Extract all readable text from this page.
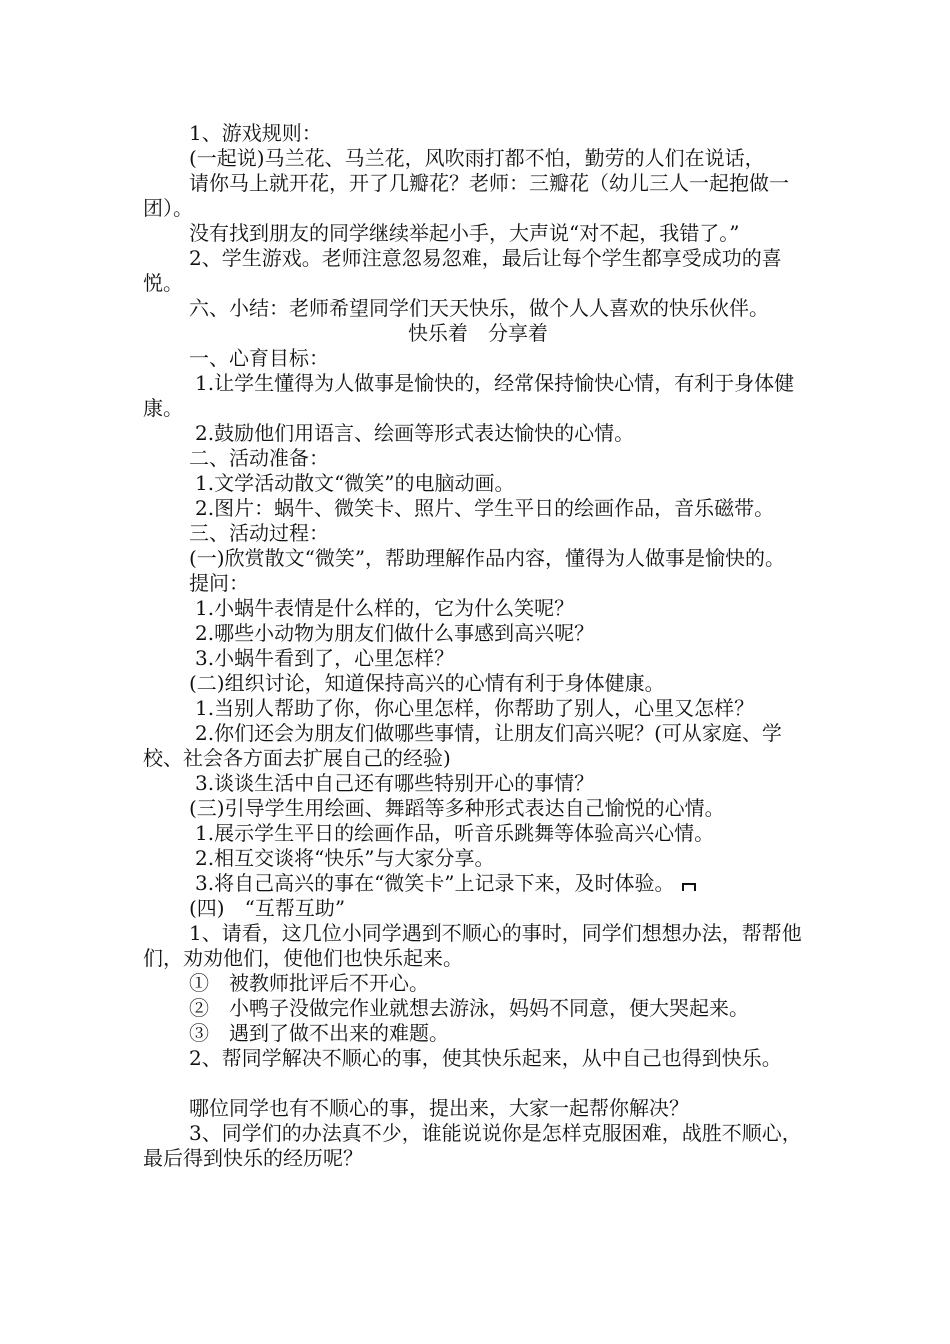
1、游戏规则：

(一起说)马兰花、马兰花，风吹雨打都不怕，勤劳的人们在说话，

请你马上就开花，开了几瓣花？老师：三瓣花（幼儿三人一起抱做一团）。

没有找到朋友的同学继续举起小手，大声说“对不起，我错了。”

2、学生游戏。老师注意忽易忽难，最后让每个学生都享受成功的喜悦。

六、小结：老师希望同学们天天快乐，做个人人喜欢的快乐伙伴。

快乐着　分享着

一、心育目标：

1.让学生懂得为人做事是愉快的，经常保持愉快心情，有利于身体健康。

2.鼓励他们用语言、绘画等形式表达愉快的心情。

二、活动准备：

1.文学活动散文“微笑”的电脑动画。

2.图片：蜗牛、微笑卡、照片、学生平日的绘画作品，音乐磁带。

三、活动过程：

(一)欣赏散文“微笑”，帮助理解作品内容，懂得为人做事是愉快的。

提问：

1.小蜗牛表情是什么样的，它为什么笑呢？

2.哪些小动物为朋友们做什么事感到高兴呢？

3.小蜗牛看到了，心里怎样？

(二)组织讨论，知道保持高兴的心情有利于身体健康。

1.当别人帮助了你，你心里怎样，你帮助了别人，心里又怎样？

2.你们还会为朋友们做哪些事情，让朋友们高兴呢？(可从家庭、学校、社会各方面去扩展自己的经验)

3.谈谈生活中自己还有哪些特别开心的事情？

(三)引导学生用绘画、舞蹈等多种形式表达自己愉悦的心情。

1.展示学生平日的绘画作品，听音乐跳舞等体验高兴心情。

2.相互交谈将“快乐”与大家分享。

3.将自己高兴的事在“微笑卡”上记录下来，及时体验。

(四)　“互帮互助”

1、请看，这几位小同学遇到不顺心的事时，同学们想想办法，帮帮他们，劝劝他们，使他们也快乐起来。

①　被教师批评后不开心。

②　小鸭子没做完作业就想去游泳，妈妈不同意，便大哭起来。

③　遇到了做不出来的难题。

2、帮同学解决不顺心的事，使其快乐起来，从中自己也得到快乐。

哪位同学也有不顺心的事，提出来，大家一起帮你解决？

3、同学们的办法真不少，谁能说说你是怎样克服困难，战胜不顺心，最后得到快乐的经历呢？
